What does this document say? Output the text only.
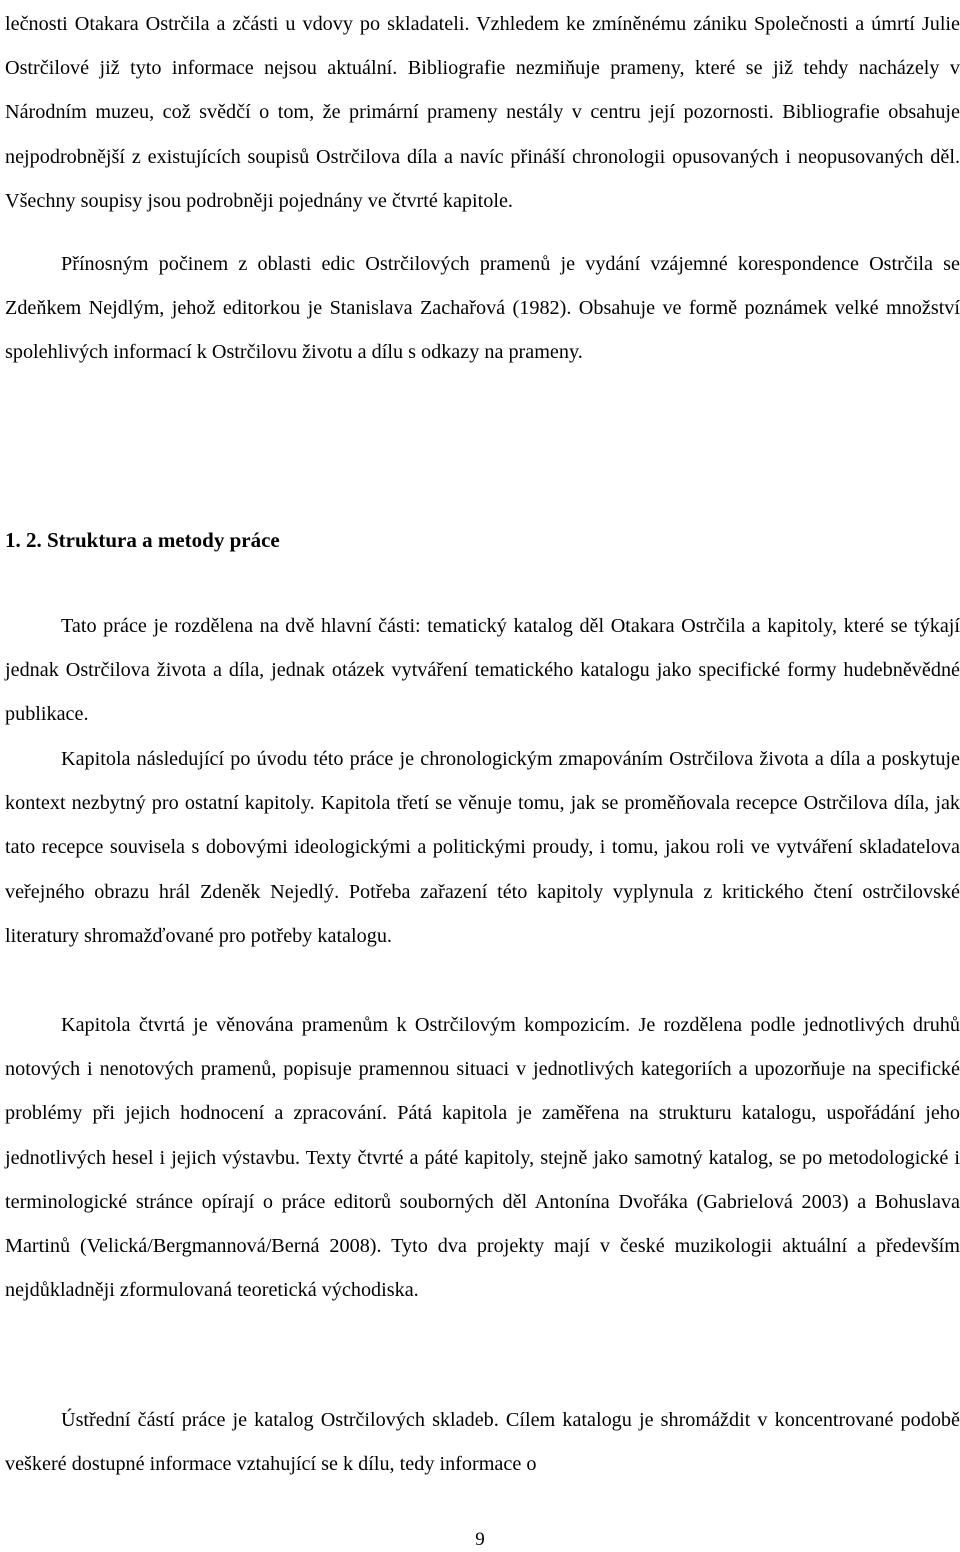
lečnosti Otakara Ostrčila a zčásti u vdovy po skladateli. Vzhledem ke zmíněnému zániku Společnosti a úmrtí Julie Ostrčilové již tyto informace nejsou aktuální. Bibliografie nezmiňuje prameny, které se již tehdy nacházely v Národním muzeu, což svědčí o tom, že primární prameny nestály v centru její pozornosti. Bibliografie obsahuje nejpodrobnější z existujících soupisů Ostrčilova díla a navíc přináší chronologii opusovaných i neopusovaných děl. Všechny soupisy jsou podrobněji pojednány ve čtvrté kapitole.

Přínosným počinem z oblasti edic Ostrčilových pramenů je vydání vzájemné korespondence Ostrčila se Zdeňkem Nejdlým, jehož editorkou je Stanislava Zachařová (1982). Obsahuje ve formě poznámek velké množství spolehlivých informací k Ostrčilovu životu a dílu s odkazy na prameny.

1. 2. Struktura a metody práce

Tato práce je rozdělena na dvě hlavní části: tematický katalog děl Otakara Ostrčila a kapitoly, které se týkají jednak Ostrčilova života a díla, jednak otázek vytváření tematického katalogu jako specifické formy hudebněvědné publikace.

Kapitola následující po úvodu této práce je chronologickým zmapováním Ostrčilova života a díla a poskytuje kontext nezbytný pro ostatní kapitoly. Kapitola třetí se věnuje tomu, jak se proměňovala recepce Ostrčilova díla, jak tato recepce souvisela s dobovými ideologickými a politickými proudy, i tomu, jakou roli ve vytváření skladatelova veřejného obrazu hrál Zdeněk Nejedlý. Potřeba zařazení této kapitoly vyplynula z kritického čtení ostrčilovské literatury shromažďované pro potřeby katalogu.

Kapitola čtvrtá je věnována pramenům k Ostrčilovým kompozicím. Je rozdělena podle jednotlivých druhů notových i nenotových pramenů, popisuje pramennou situaci v jednotlivých kategoriích a upozorňuje na specifické problémy při jejich hodnocení a zpracování. Pátá kapitola je zaměřena na strukturu katalogu, uspořádání jeho jednotlivých hesel i jejich výstavbu. Texty čtvrté a páté kapitoly, stejně jako samotný katalog, se po metodologické i terminologické stránce opírají o práce editorů souborných děl Antonína Dvořáka (Gabrielová 2003) a Bohuslava Martinů (Velická/Bergmannová/Berná 2008). Tyto dva projekty mají v české muzikologii aktuální a především nejdůkladněji zformulovaná teoretická východiska.

Ústřední částí práce je katalog Ostrčilových skladeb. Cílem katalogu je shromáždit v koncentrované podobě veškeré dostupné informace vztahující se k dílu, tedy informace o

9
